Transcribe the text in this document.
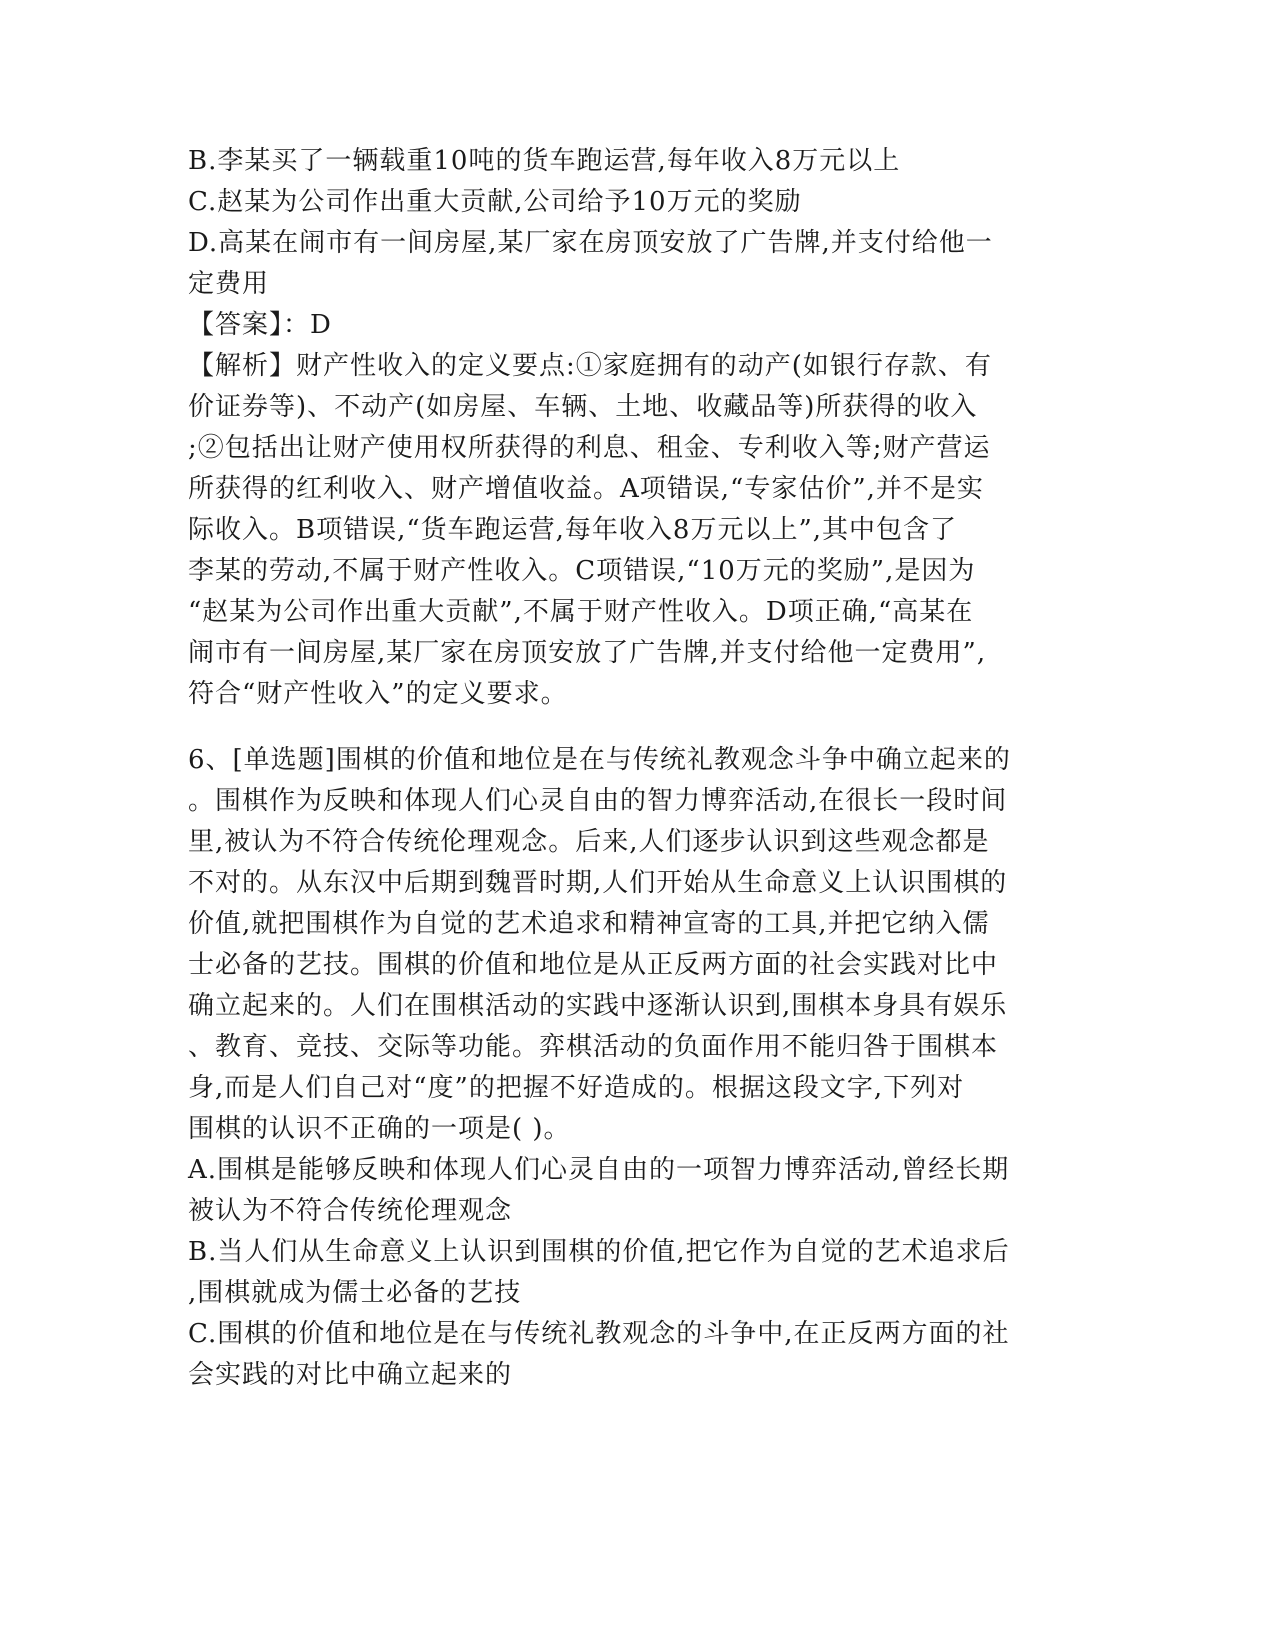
B.李某买了一辆载重10吨的货车跑运营,每年收入8万元以上
C.赵某为公司作出重大贡献,公司给予10万元的奖励
D.高某在闹市有一间房屋,某厂家在房顶安放了广告牌,并支付给他一
定费用
【答案】：D
【解析】财产性收入的定义要点:①家庭拥有的动产(如银行存款、有
价证券等)、不动产(如房屋、车辆、土地、收藏品等)所获得的收入
;②包括出让财产使用权所获得的利息、租金、专利收入等;财产营运
所获得的红利收入、财产增值收益。A项错误,“专家估价”,并不是实
际收入。B项错误,“货车跑运营,每年收入8万元以上”,其中包含了
李某的劳动,不属于财产性收入。C项错误,“10万元的奖励”,是因为
“赵某为公司作出重大贡献”,不属于财产性收入。D项正确,“高某在
闹市有一间房屋,某厂家在房顶安放了广告牌,并支付给他一定费用”,
符合“财产性收入”的定义要求。
6、[单选题]围棋的价值和地位是在与传统礼教观念斗争中确立起来的
。围棋作为反映和体现人们心灵自由的智力博弈活动,在很长一段时间
里,被认为不符合传统伦理观念。后来,人们逐步认识到这些观念都是
不对的。从东汉中后期到魏晋时期,人们开始从生命意义上认识围棋的
价值,就把围棋作为自觉的艺术追求和精神宣寄的工具,并把它纳入儒
士必备的艺技。围棋的价值和地位是从正反两方面的社会实践对比中
确立起来的。人们在围棋活动的实践中逐渐认识到,围棋本身具有娱乐
、教育、竞技、交际等功能。弈棋活动的负面作用不能归咎于围棋本
身,而是人们自己对“度”的把握不好造成的。根据这段文字,下列对
围棋的认识不正确的一项是( )。
A.围棋是能够反映和体现人们心灵自由的一项智力博弈活动,曾经长期
被认为不符合传统伦理观念
B.当人们从生命意义上认识到围棋的价值,把它作为自觉的艺术追求后
,围棋就成为儒士必备的艺技
C.围棋的价值和地位是在与传统礼教观念的斗争中,在正反两方面的社
会实践的对比中确立起来的
